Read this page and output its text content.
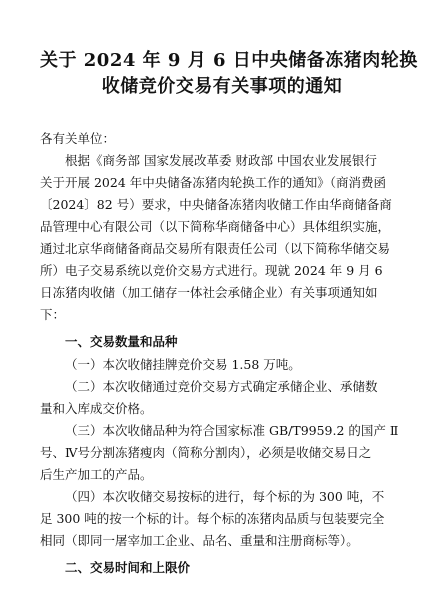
关于 2024 年 9 月 6 日中央储备冻猪肉轮换
收储竞价交易有关事项的通知
各有关单位：

根据《商务部 国家发展改革委 财政部 中国农业发展银行
关于开展 2024 年中央储备冻猪肉轮换工作的通知》（商消费函
〔2024〕82 号）要求，中央储备冻猪肉收储工作由华商储备商
品管理中心有限公司（以下简称华商储备中心）具体组织实施，
通过北京华商储备商品交易所有限责任公司（以下简称华储交易
所）电子交易系统以竞价交易方式进行。现就 2024 年 9 月 6
日冻猪肉收储（加工储存一体社会承储企业）有关事项通知如
下：

一、交易数量和品种

（一）本次收储挂牌竞价交易 1.58 万吨。

（二）本次收储通过竞价交易方式确定承储企业、承储数
量和入库成交价格。

（三）本次收储品种为符合国家标准 GB/T9959.2 的国产 Ⅱ
号、Ⅳ号分割冻猪瘦肉（简称分割肉），必须是收储交易日之
后生产加工的产品。

（四）本次收储交易按标的进行，每个标的为 300 吨，不
足 300 吨的按一个标的计。每个标的冻猪肉品质与包装要完全
相同（即同一屠宰加工企业、品名、重量和注册商标等）。

二、交易时间和上限价
